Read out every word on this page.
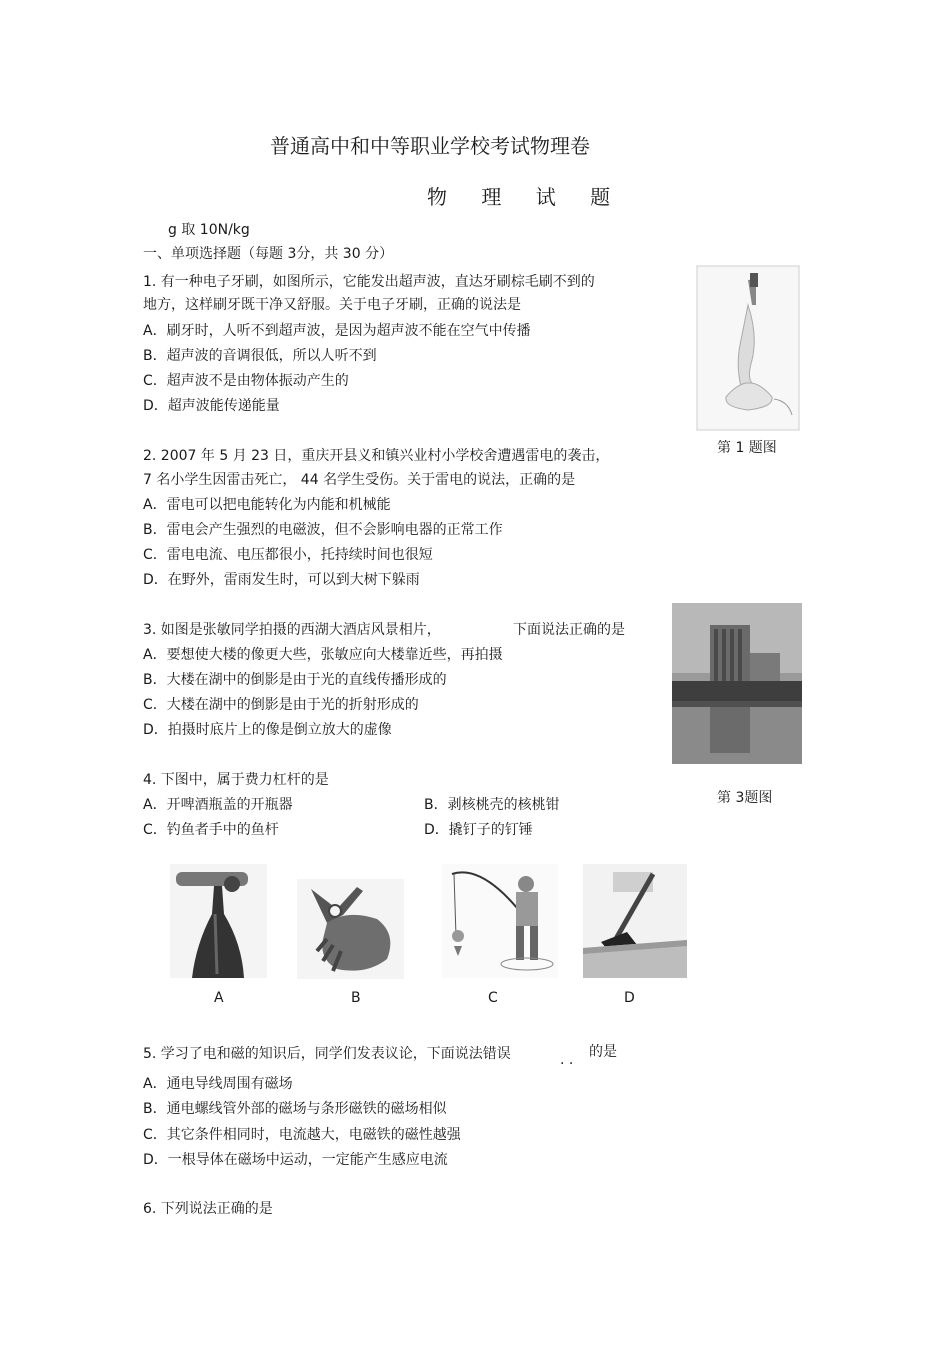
普通高中和中等职业学校考试物理卷
物 理 试 题
g 取 10N/kg
一、单项选择题（每题 3分，共 30 分）
1. 有一种电子牙刷，如图所示，它能发出超声波，直达牙刷棕毛刷不到的
地方，这样刷牙既干净又舒服。关于电子牙刷，正确的说法是
A．刷牙时，人听不到超声波，是因为超声波不能在空气中传播
B．超声波的音调很低，所以人听不到
C．超声波不是由物体振动产生的
D．超声波能传递能量
第 1 题图
2. 2007 年 5 月 23 日，重庆开县义和镇兴业村小学校舍遭遇雷电的袭击，
7 名小学生因雷击死亡， 44 名学生受伤。关于雷电的说法，正确的是
A．雷电可以把电能转化为内能和机械能
B．雷电会产生强烈的电磁波，但不会影响电器的正常工作
C．雷电电流、电压都很小，托持续时间也很短
D．在野外，雷雨发生时，可以到大树下躲雨
3. 如图是张敏同学拍摄的西湖大酒店风景相片，	下面说法正确的是
A．要想使大楼的像更大些，张敏应向大楼靠近些，再拍摄
B．大楼在湖中的倒影是由于光的直线传播形成的
C．大楼在湖中的倒影是由于光的折射形成的
D．拍摄时底片上的像是倒立放大的虚像
第 3题图
4. 下图中，属于费力杠杆的是
A．开啤酒瓶盖的开瓶器	B．剥核桃壳的核桃钳
C．钓鱼者手中的鱼杆	D．撬钉子的钉锤
A	B	C	D
5. 学习了电和磁的知识后，同学们发表议论，下面说法错误	. . 的是
A．通电导线周围有磁场
B．通电螺线管外部的磁场与条形磁铁的磁场相似
C．其它条件相同时，电流越大，电磁铁的磁性越强
D．一根导体在磁场中运动，一定能产生感应电流
6. 下列说法正确的是
